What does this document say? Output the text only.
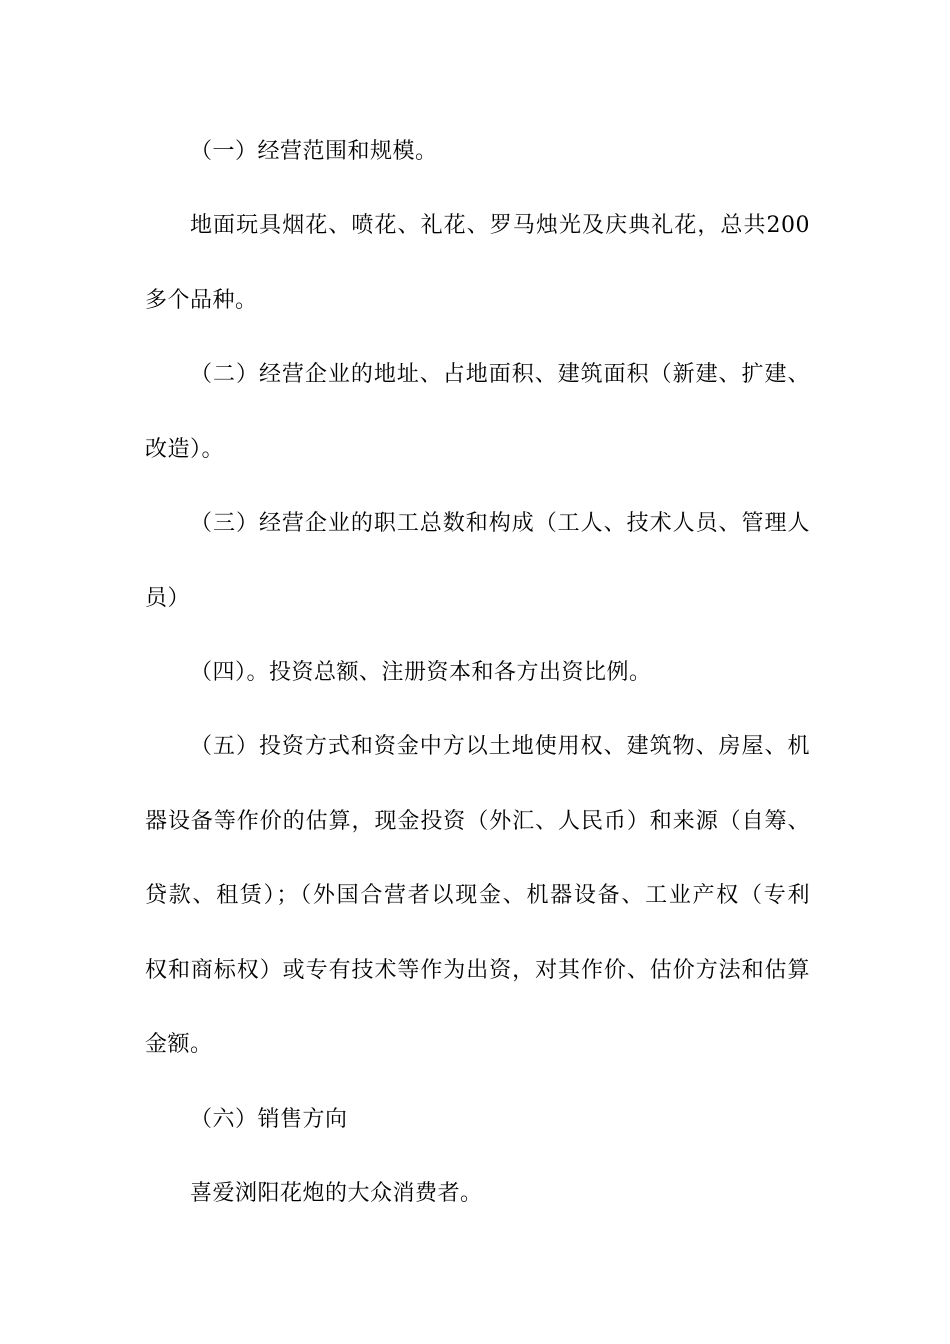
（一）经营范围和规模。
地面玩具烟花、喷花、礼花、罗马烛光及庆典礼花，总共200
多个品种。
（二）经营企业的地址、占地面积、建筑面积（新建、扩建、
改造）。
（三）经营企业的职工总数和构成（工人、技术人员、管理人
员）
（四）。投资总额、注册资本和各方出资比例。
（五）投资方式和资金中方以土地使用权、建筑物、房屋、机
器设备等作价的估算，现金投资（外汇、人民币）和来源（自筹、
贷款、租赁）；（外国合营者以现金、机器设备、工业产权（专利
权和商标权）或专有技术等作为出资，对其作价、估价方法和估算
金额。
（六）销售方向
喜爱浏阳花炮的大众消费者。
